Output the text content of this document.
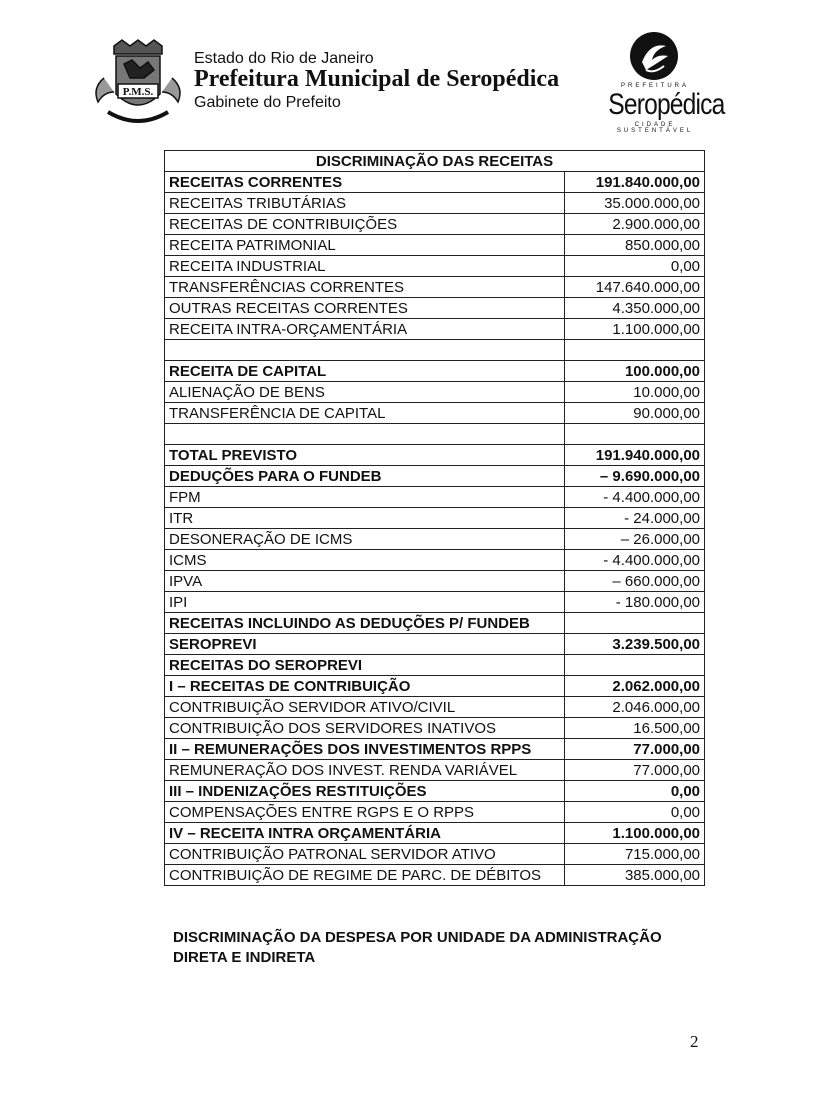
P.M.S.
Estado do Rio de Janeiro
Prefeitura Municipal de Seropédica
Gabinete do Prefeito
PREFEITURA
Seropédica
CIDADE SUSTENTÁVEL
DISCRIMINAÇÃO DAS RECEITAS	
RECEITAS CORRENTES	191.840.000,00
RECEITAS TRIBUTÁRIAS	35.000.000,00
RECEITAS DE CONTRIBUIÇÕES	2.900.000,00
RECEITA PATRIMONIAL	850.000,00
RECEITA INDUSTRIAL	0,00
TRANSFERÊNCIAS CORRENTES	147.640.000,00
OUTRAS RECEITAS CORRENTES	4.350.000,00
RECEITA INTRA-ORÇAMENTÁRIA	1.100.000,00

RECEITA DE CAPITAL	100.000,00
ALIENAÇÃO DE BENS	10.000,00
TRANSFERÊNCIA DE CAPITAL	90.000,00

TOTAL PREVISTO	191.940.000,00
DEDUÇÕES PARA O FUNDEB	– 9.690.000,00
FPM	- 4.400.000,00
ITR	- 24.000,00
DESONERAÇÃO DE ICMS	– 26.000,00
ICMS	- 4.400.000,00
IPVA	– 660.000,00
IPI	- 180.000,00
RECEITAS INCLUINDO AS DEDUÇÕES P/ FUNDEB	
SEROPREVI	3.239.500,00
RECEITAS DO SEROPREVI	
I – RECEITAS DE CONTRIBUIÇÃO	2.062.000,00
CONTRIBUIÇÃO SERVIDOR ATIVO/CIVIL	2.046.000,00
CONTRIBUIÇÃO DOS SERVIDORES INATIVOS	16.500,00
II – REMUNERAÇÕES DOS INVESTIMENTOS RPPS	77.000,00
REMUNERAÇÃO DOS INVEST. RENDA VARIÁVEL	77.000,00
III – INDENIZAÇÕES RESTITUIÇÕES	0,00
COMPENSAÇÕES ENTRE RGPS E O RPPS	0,00
IV – RECEITA INTRA ORÇAMENTÁRIA	1.100.000,00
CONTRIBUIÇÃO PATRONAL SERVIDOR ATIVO	715.000,00
CONTRIBUIÇÃO DE REGIME DE PARC. DE DÉBITOS	385.000,00
DISCRIMINAÇÃO DA DESPESA POR UNIDADE DA ADMINISTRAÇÃO DIRETA E INDIRETA
2
